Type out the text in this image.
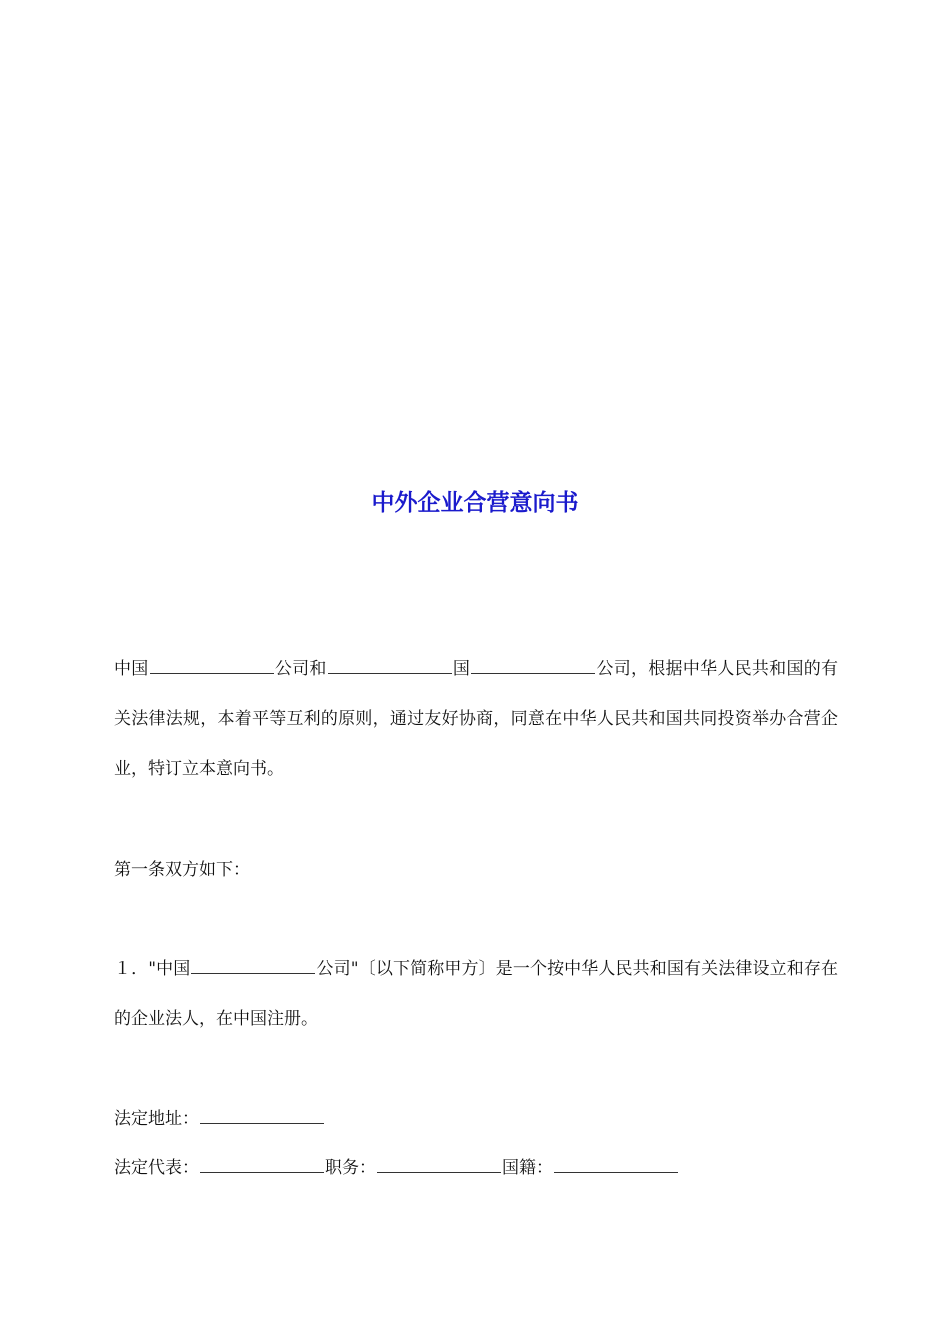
中外企业合营意向书

中国	公司和	国	公司，根据中华人民共和国的有关法律法规，本着平等互利的原则，通过友好协商，同意在中华人民共和国共同投资举办合营企业，特订立本意向书。

第一条双方如下：

１．"中国	公司"〔以下简称甲方〕是一个按中华人民共和国有关法律设立和存在的企业法人，在中国注册。

法定地址：

法定代表：	职务：	国籍：
